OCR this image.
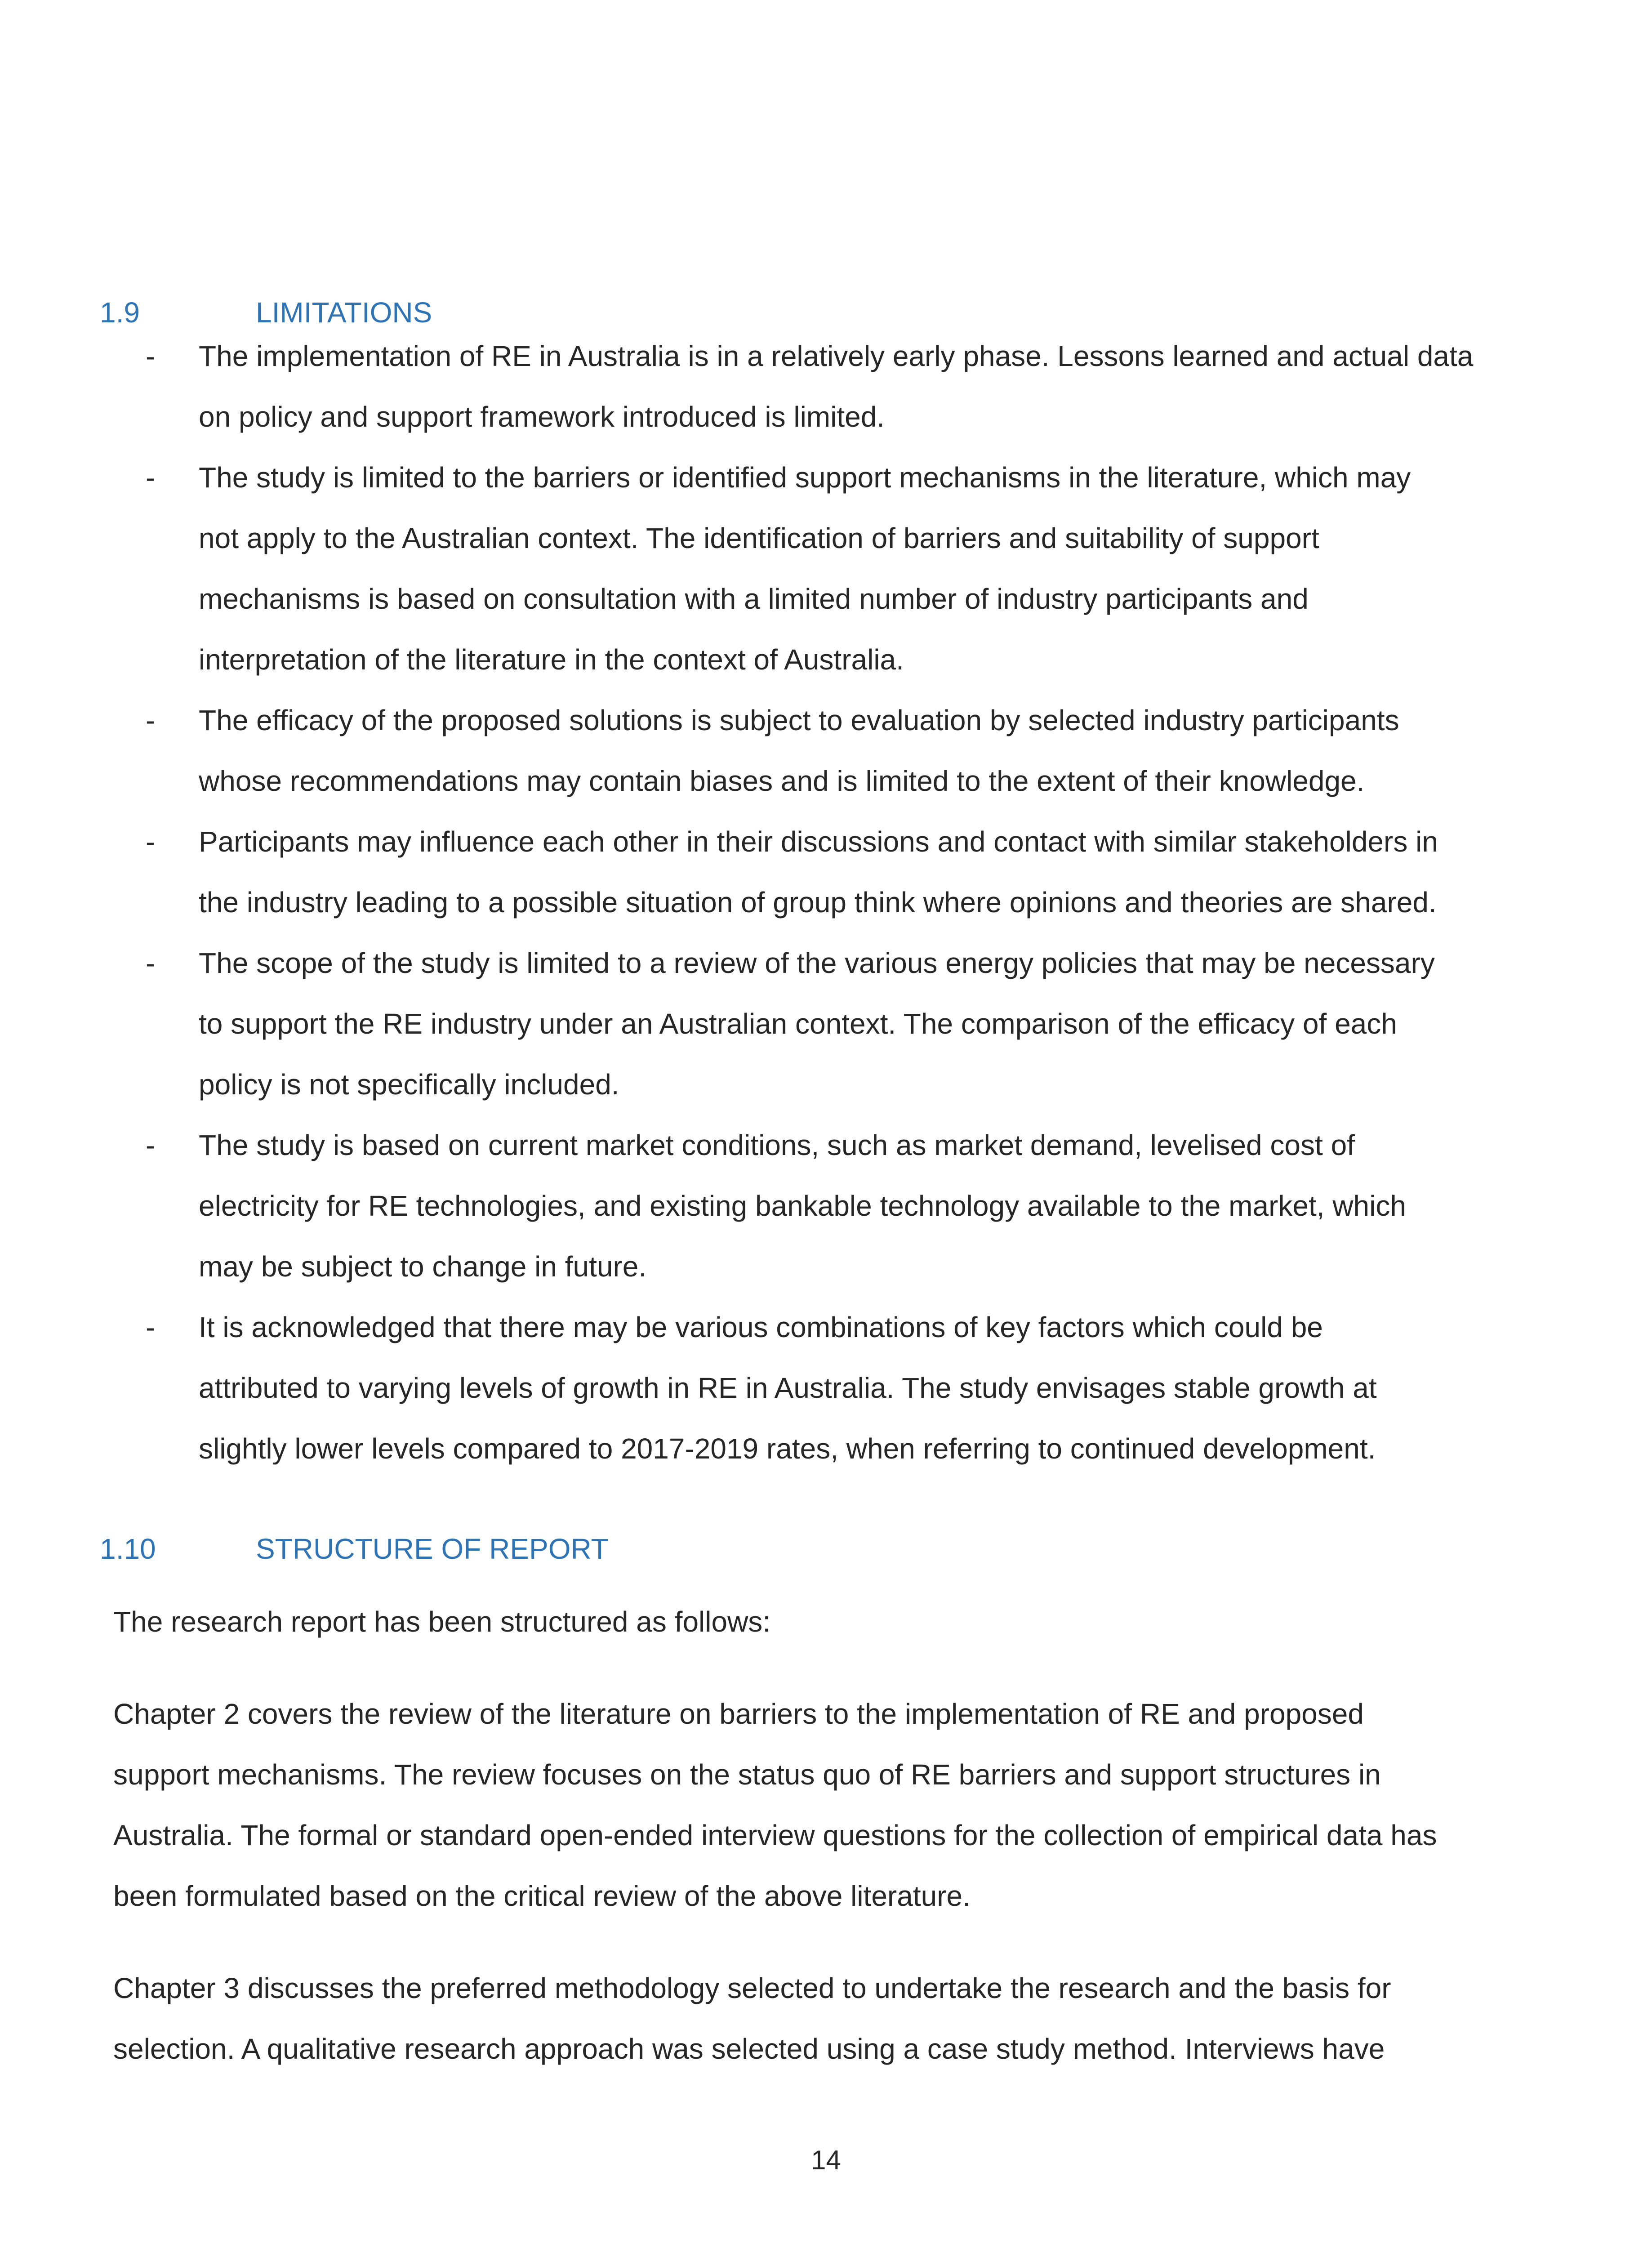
1.9	LIMITATIONS
- The implementation of RE in Australia is in a relatively early phase. Lessons learned and actual data
on policy and support framework introduced is limited.
- The study is limited to the barriers or identified support mechanisms in the literature, which may
not apply to the Australian context. The identification of barriers and suitability of support
mechanisms is based on consultation with a limited number of industry participants and
interpretation of the literature in the context of Australia.
- The efficacy of the proposed solutions is subject to evaluation by selected industry participants
whose recommendations may contain biases and is limited to the extent of their knowledge.
- Participants may influence each other in their discussions and contact with similar stakeholders in
the industry leading to a possible situation of group think where opinions and theories are shared.
- The scope of the study is limited to a review of the various energy policies that may be necessary
to support the RE industry under an Australian context. The comparison of the efficacy of each
policy is not specifically included.
- The study is based on current market conditions, such as market demand, levelised cost of
electricity for RE technologies, and existing bankable technology available to the market, which
may be subject to change in future.
- It is acknowledged that there may be various combinations of key factors which could be
attributed to varying levels of growth in RE in Australia. The study envisages stable growth at
slightly lower levels compared to 2017-2019 rates, when referring to continued development.
1.10	STRUCTURE OF REPORT

The research report has been structured as follows:

Chapter 2 covers the review of the literature on barriers to the implementation of RE and proposed
support mechanisms. The review focuses on the status quo of RE barriers and support structures in
Australia. The formal or standard open-ended interview questions for the collection of empirical data has
been formulated based on the critical review of the above literature.

Chapter 3 discusses the preferred methodology selected to undertake the research and the basis for
selection. A qualitative research approach was selected using a case study method. Interviews have

14
